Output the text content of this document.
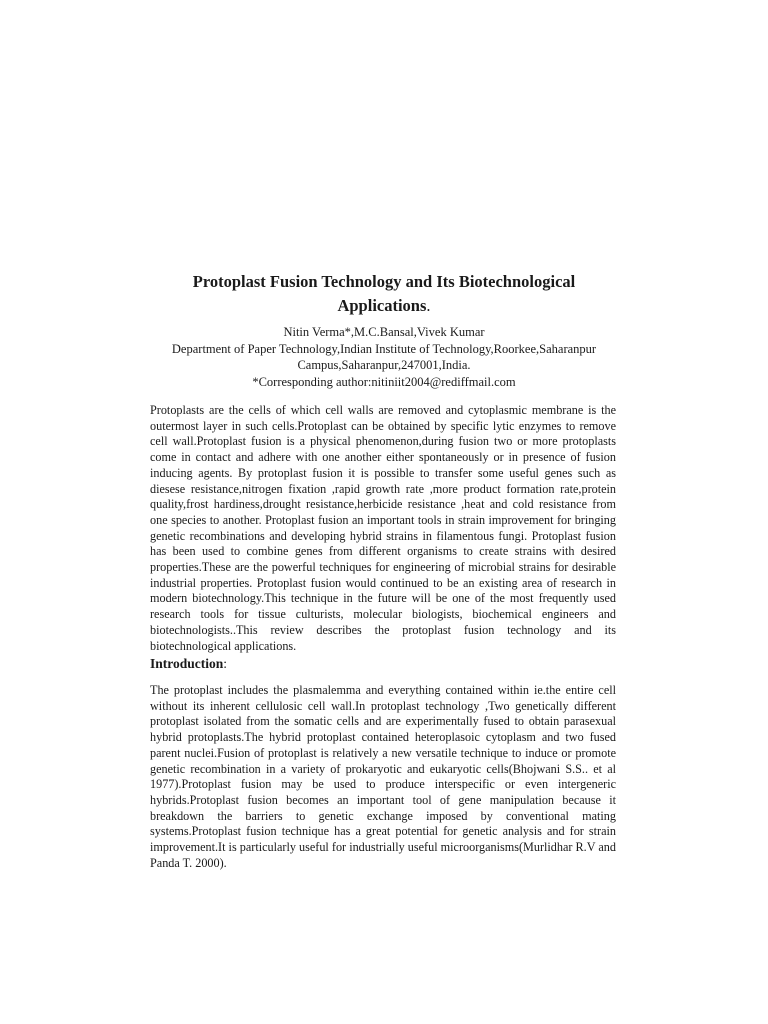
Protoplast Fusion Technology and Its Biotechnological
Applications.
Nitin Verma*,M.C.Bansal,Vivek Kumar
Department of Paper Technology,Indian Institute of Technology,Roorkee,Saharanpur
Campus,Saharanpur,247001,India.
*Corresponding author:nitiniit2004@rediffmail.com

Protoplasts are the cells of which cell walls are removed and cytoplasmic membrane is the outermost layer in such cells.Protoplast can be obtained by specific lytic enzymes to remove cell wall.Protoplast fusion is a physical phenomenon,during fusion two or more protoplasts come in contact and adhere with one another either spontaneously or in presence of fusion inducing agents. By protoplast fusion it is possible to transfer some useful genes such as diesese resistance,nitrogen fixation ,rapid growth rate ,more product formation rate,protein quality,frost hardiness,drought resistance,herbicide resistance ,heat and cold resistance from one species to another. Protoplast fusion an important tools in strain improvement for bringing genetic recombinations and developing hybrid strains in filamentous fungi. Protoplast fusion has been used to combine genes from different organisms to create strains with desired properties.These are the powerful techniques for engineering of microbial strains for desirable industrial properties. Protoplast fusion would continued to be an existing area of research in modern biotechnology.This technique in the future will be one of the most frequently used research tools for tissue culturists, molecular biologists, biochemical engineers and biotechnologists..This review describes the protoplast fusion technology and its biotechnological applications.

Introduction:

The protoplast includes the plasmalemma and everything contained within ie.the entire cell without its inherent cellulosic cell wall.In protoplast technology ,Two genetically different protoplast isolated from the somatic cells and are experimentally fused to obtain parasexual hybrid protoplasts.The hybrid protoplast contained heteroplasoic cytoplasm and two fused parent nuclei.Fusion of protoplast is relatively a new versatile technique to induce or promote genetic recombination in a variety of prokaryotic and eukaryotic cells(Bhojwani S.S.. et al 1977).Protoplast fusion may be used to produce interspecific or even intergeneric hybrids.Protoplast fusion becomes an important tool of gene manipulation because it breakdown the barriers to genetic exchange imposed by conventional mating systems.Protoplast fusion technique has a great potential for genetic analysis and for strain improvement.It is particularly useful for industrially useful microorganisms(Murlidhar R.V and Panda T. 2000).
